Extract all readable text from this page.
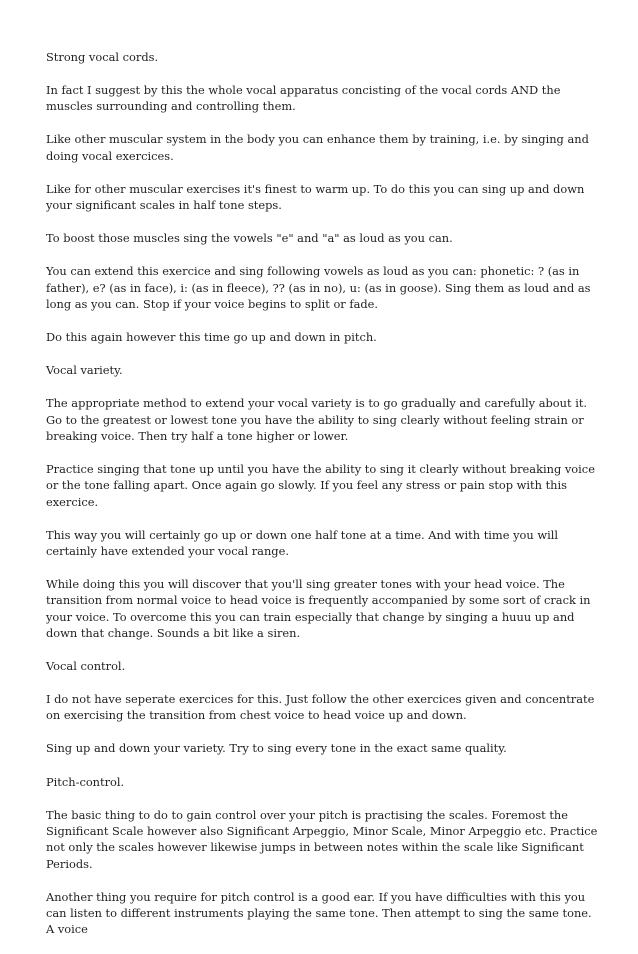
Strong vocal cords.

In fact I suggest by this the whole vocal apparatus concisting of the vocal cords AND the muscles surrounding and controlling them.

Like other muscular system in the body you can enhance them by training, i.e. by singing and doing vocal exercices.

Like for other muscular exercises it's finest to warm up. To do this you can sing up and down your significant scales in half tone steps.

To boost those muscles sing the vowels "e" and "a" as loud as you can.

You can extend this exercice and sing following vowels as loud as you can: phonetic: ? (as in father), e? (as in face), i: (as in fleece), ?? (as in no), u: (as in goose). Sing them as loud and as long as you can. Stop if your voice begins to split or fade.

Do this again however this time go up and down in pitch.

Vocal variety.

The appropriate method to extend your vocal variety is to go gradually and carefully about it. Go to the greatest or lowest tone you have the ability to sing clearly without feeling strain or breaking voice. Then try half a tone higher or lower.

Practice singing that tone up until you have the ability to sing it clearly without breaking voice or the tone falling apart. Once again go slowly. If you feel any stress or pain stop with this exercice.

This way you will certainly go up or down one half tone at a time. And with time you will certainly have extended your vocal range.

While doing this you will discover that you'll sing greater tones with your head voice. The transition from normal voice to head voice is frequently accompanied by some sort of crack in your voice. To overcome this you can train especially that change by singing a huuu up and down that change. Sounds a bit like a siren.

Vocal control.

I do not have seperate exercices for this. Just follow the other exercices given and concentrate on exercising the transition from chest voice to head voice up and down.

Sing up and down your variety. Try to sing every tone in the exact same quality.

Pitch-control.

The basic thing to do to gain control over your pitch is practising the scales. Foremost the Significant Scale however also Significant Arpeggio, Minor Scale, Minor Arpeggio etc. Practice not only the scales however likewise jumps in between notes within the scale like Significant Periods.

Another thing you require for pitch control is a good ear. If you have difficulties with this you can listen to different instruments playing the same tone. Then attempt to sing the same tone. A voice
